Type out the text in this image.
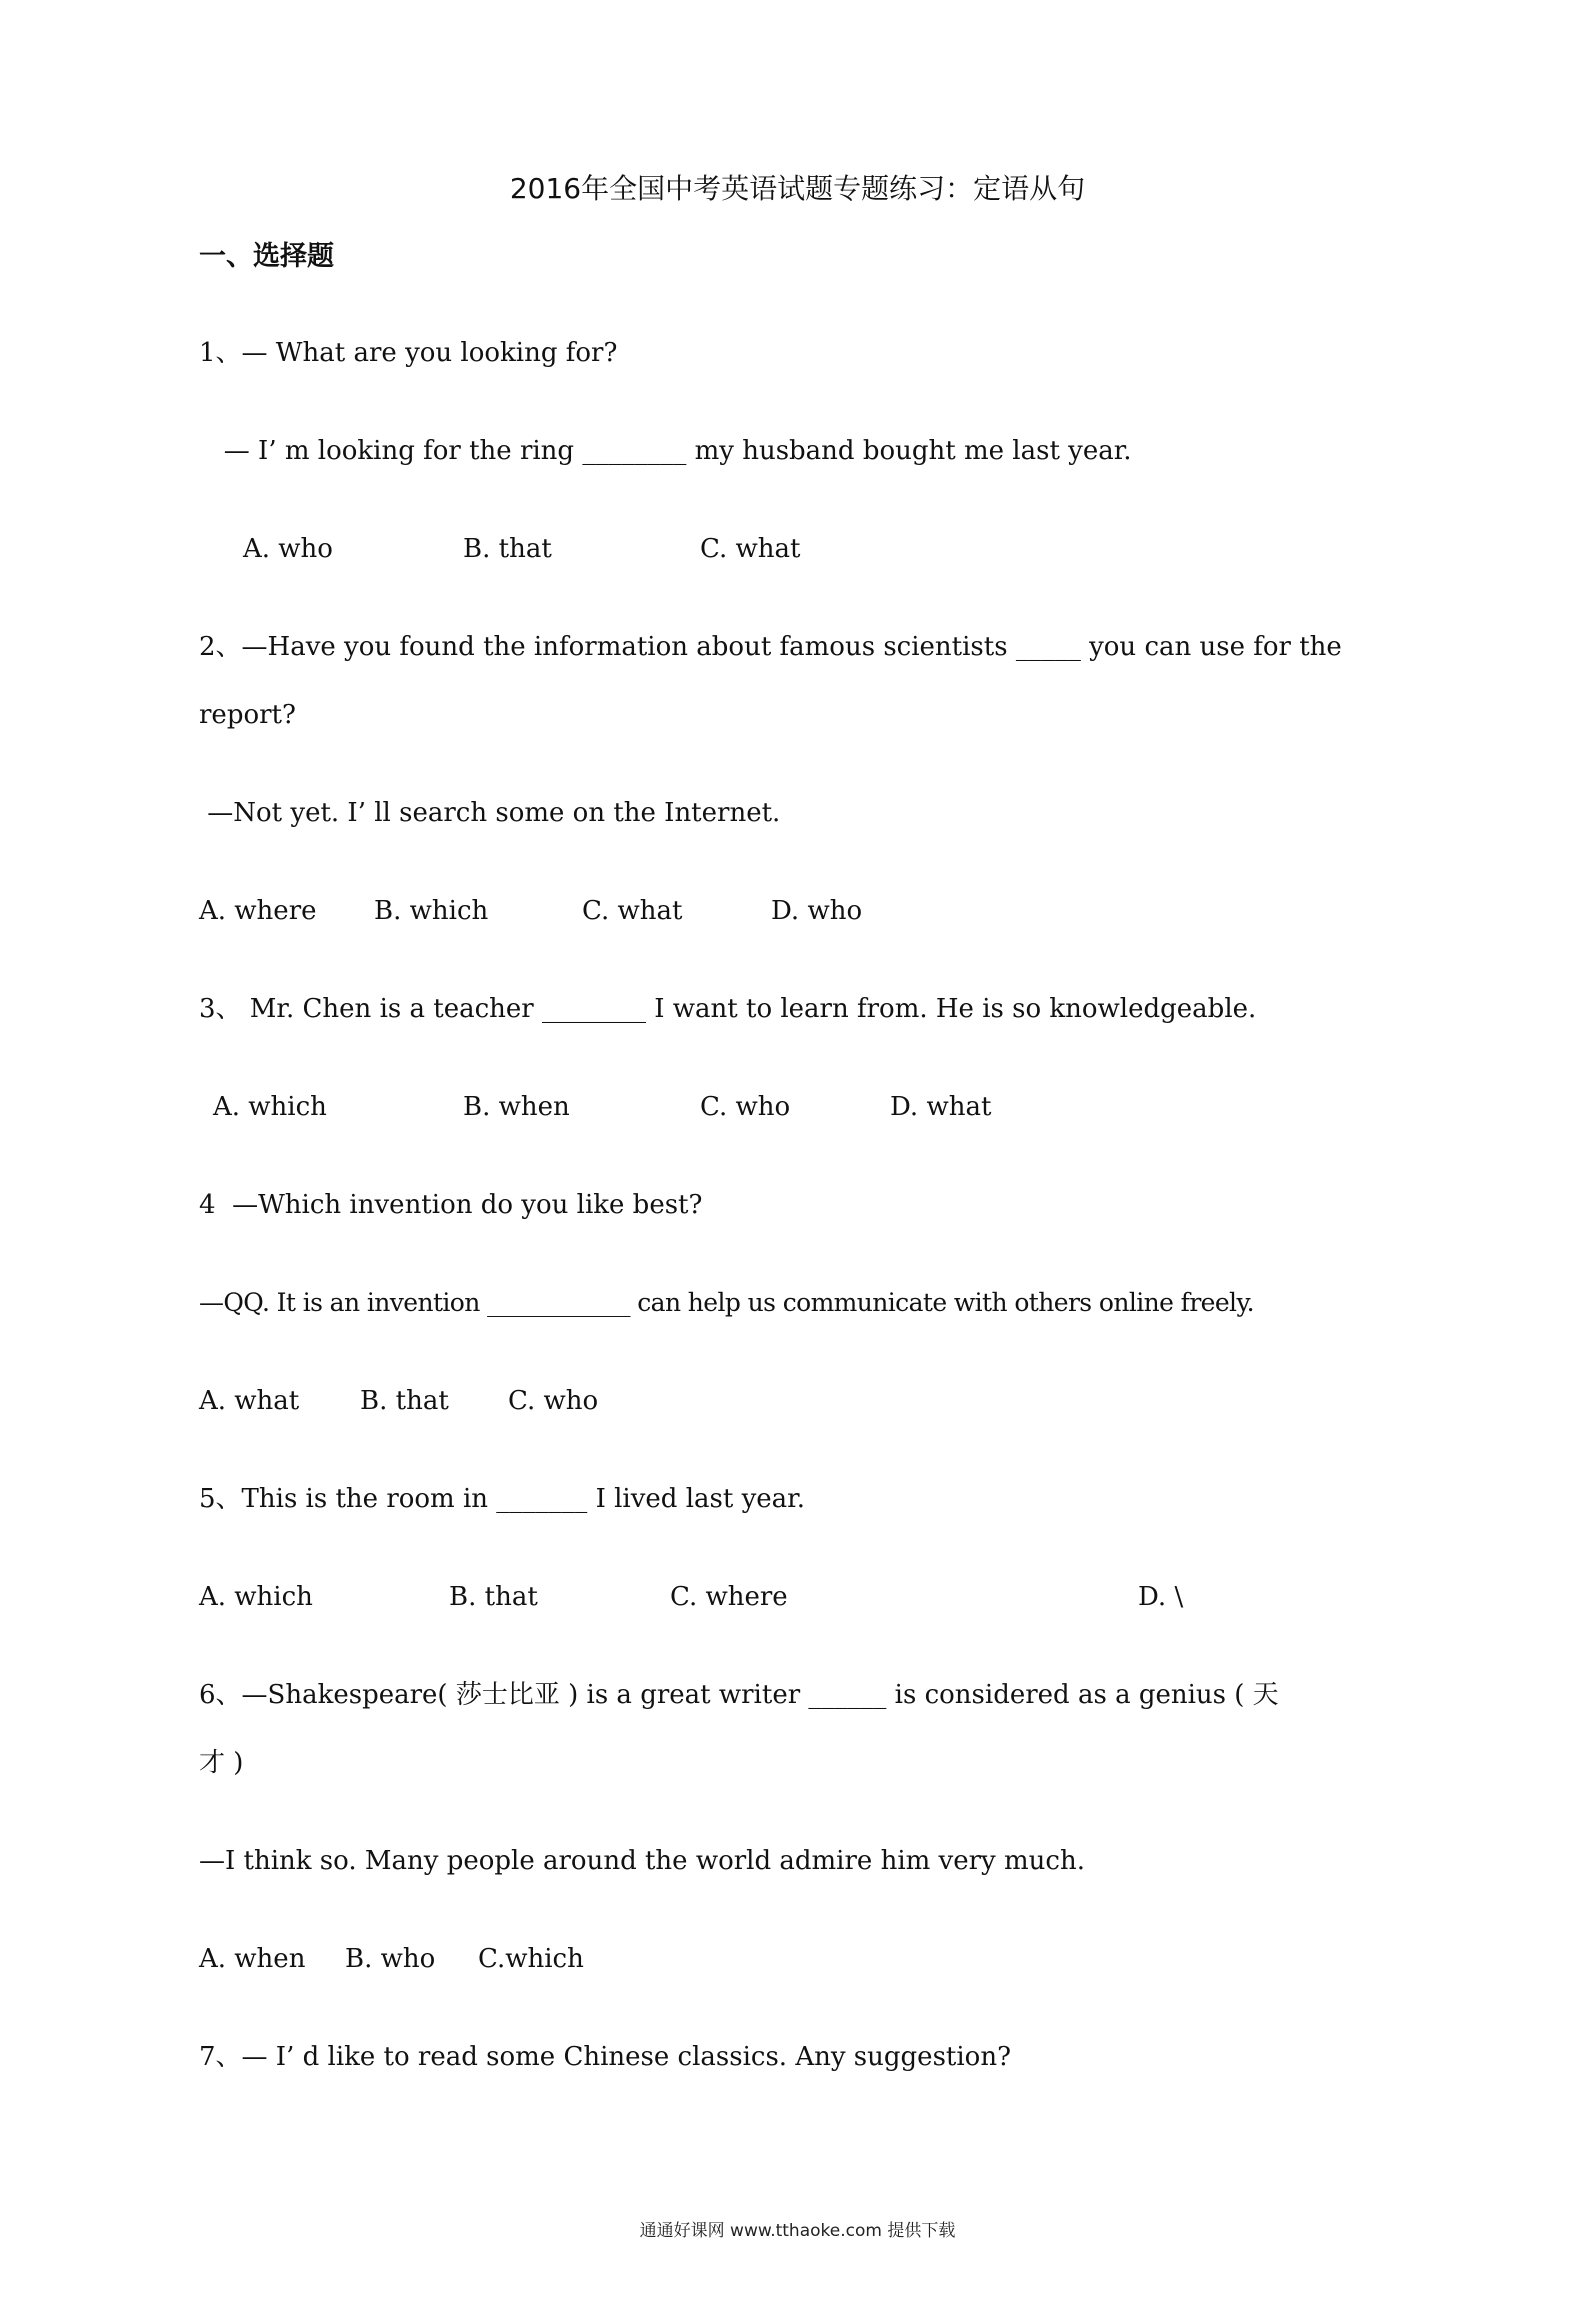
2016年全国中考英语试题专题练习：定语从句
一、选择题
1、— What are you looking for?
— I’ m looking for the ring ________ my husband bought me last year.
A. who	B. that	C. what
2、—Have you found the information about famous scientists _____ you can use for the
report?
—Not yet. I’ ll search some on the Internet.
A. where B. which	C. what	D. who
3、 Mr. Chen is a teacher ________ I want to learn from. He is so knowledgeable.
A. which	B. when	C. who	D. what
4  —Which invention do you like best?
—QQ. It is an invention ____________ can help us communicate with others online freely.
A. what B. that C. who
5、This is the room in _______ I lived last year.
A. which	B. that	C. where	D. \
6、—Shakespeare( 莎士比亚 ) is a great writer ______ is considered as a genius ( 天
才 )
—I think so. Many people around the world admire him very much.
A. when B. who C.which
7、— I’ d like to read some Chinese classics. Any suggestion?
通通好课网 www.tthaoke.com 提供下载
